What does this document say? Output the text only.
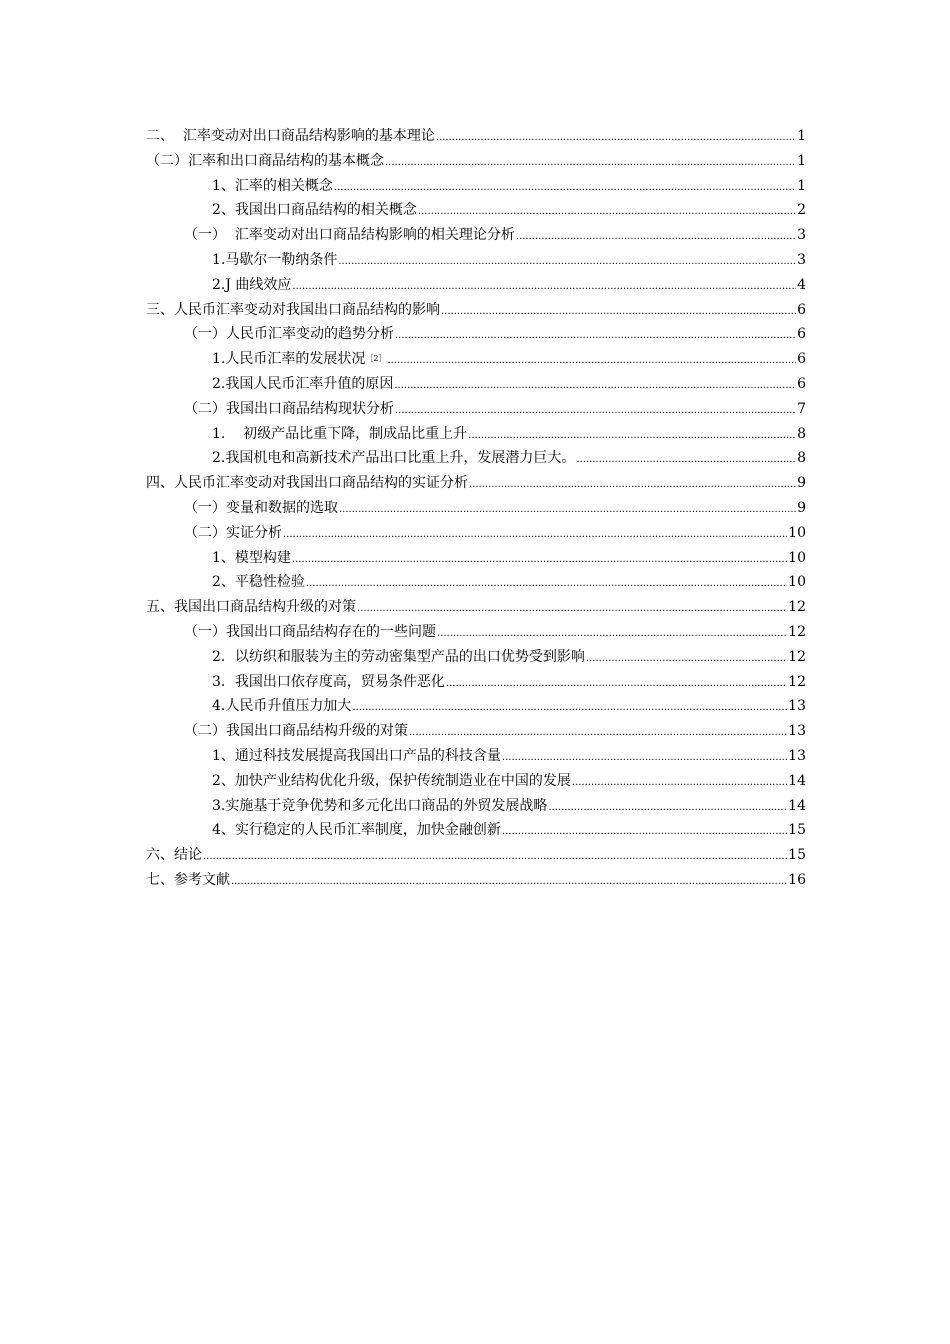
二、  汇率变动对出口商品结构影响的基本理论 .....	1
（二）汇率和出口商品结构的基本概念 .....	1
1、汇率的相关概念 .....	1
2、我国出口商品结构的相关概念 .....	2
（一）  汇率变动对出口商品结构影响的相关理论分析 .....	3
1.马歇尔一勒纳条件 .....	3
2.J 曲线效应 .....	4
三、人民币汇率变动对我国出口商品结构的影响 .....	6
（一）人民币汇率变动的趋势分析 .....	6
1.人民币汇率的发展状况$^{[2]}$ .....	6
2.我国人民币汇率升值的原因 .....	6
（二）我国出口商品结构现状分析 .....	7
1.    初级产品比重下降，制成品比重上升 .....	8
2.我国机电和高新技术产品出口比重上升，发展潜力巨大。 .....	8
四、人民币汇率变动对我国出口商品结构的实证分析 .....	9
（一）变量和数据的选取 .....	9
（二）实证分析 .....	10
1、模型构建 .....	10
2、平稳性检验 .....	10
五、我国出口商品结构升级的对策 .....	12
（一）我国出口商品结构存在的一些问题 .....	12
2．以纺织和服装为主的劳动密集型产品的出口优势受到影响 .....	12
3．我国出口依存度高，贸易条件恶化 .....	12
4.人民币升值压力加大 .....	13
（二）我国出口商品结构升级的对策 .....	13
1、通过科技发展提高我国出口产品的科技含量 .....	13
2、加快产业结构优化升级，保护传统制造业在中国的发展 .....	14
3.实施基于竞争优势和多元化出口商品的外贸发展战略 .....	14
4、实行稳定的人民币汇率制度，加快金融创新 .....	15
六、结论 .....	15
七、参考文献 .....	16
